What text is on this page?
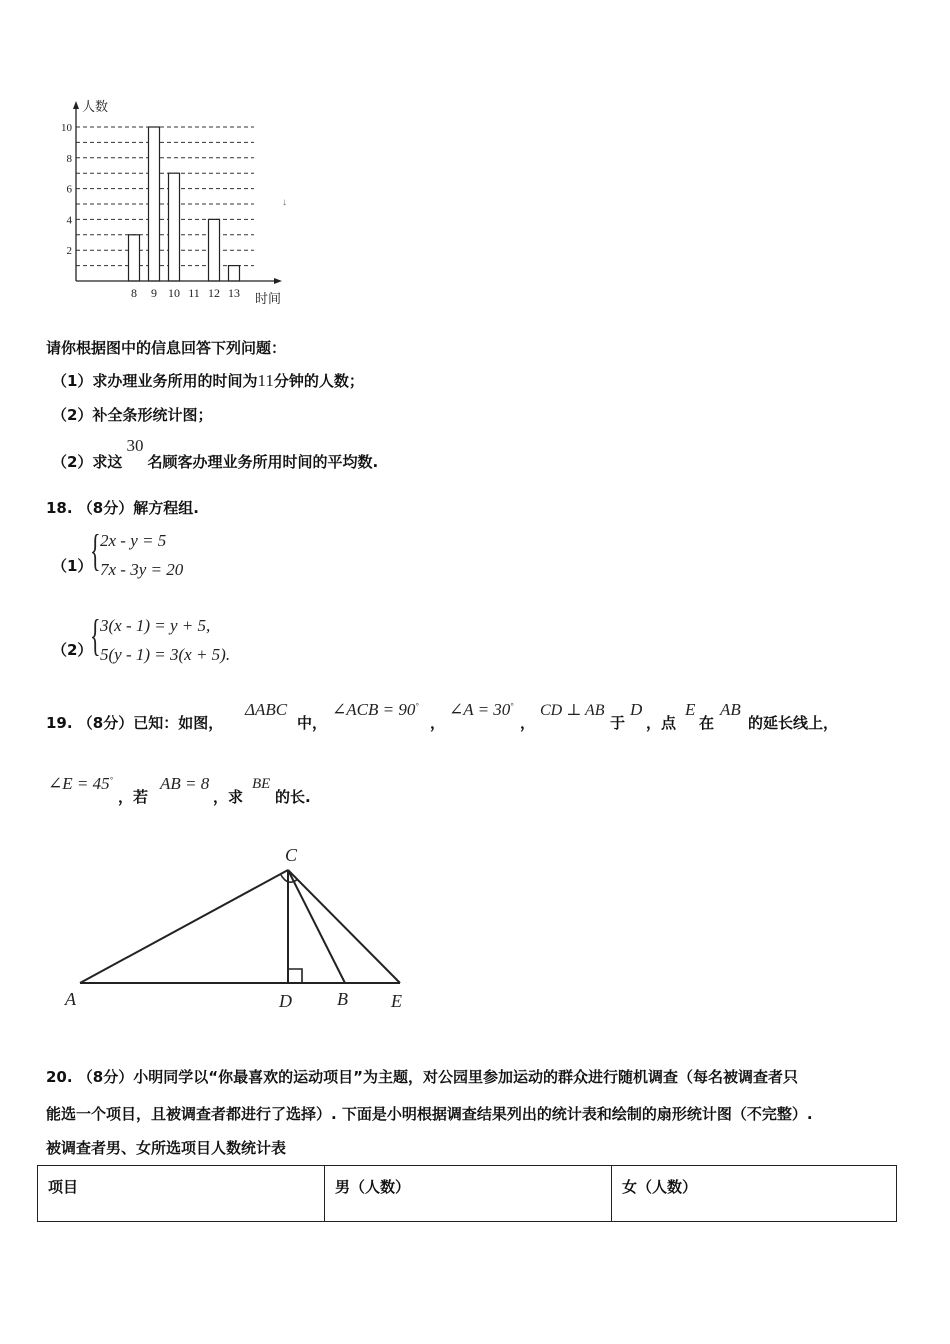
2
4
6
8
10
8 9 10 11 12 13
人数
时间
↓
请你根据图中的信息回答下列问题：
（1）求办理业务所用的时间为11分钟的人数；
（2）补全条形统计图；
（2）求这30名顾客办理业务所用时间的平均数.
18. （8分）解方程组.
（1）
{ 2x - y = 5
7x - 3y = 20
（2）
{ 3(x - 1) = y + 5,
5(y - 1) = 3(x + 5).
19. （8分）已知：如图，
ΔABC
中，
∠ACB = 90°
，
∠A = 30°
，
CD ⊥ AB
于
D
，点
E
在
AB
的延长线上，
∠E = 45°
，若
AB = 8
，求
BE
的长.
A
C
D	B E
20. （8分）小明同学以“你最喜欢的运动项目”为主题，对公园里参加运动的群众进行随机调查（每名被调查者只
能选一个项目，且被调查者都进行了选择）. 下面是小明根据调查结果列出的统计表和绘制的扇形统计图（不完整）.
被调查者男、女所选项目人数统计表
项目	男（人数）	女（人数）
